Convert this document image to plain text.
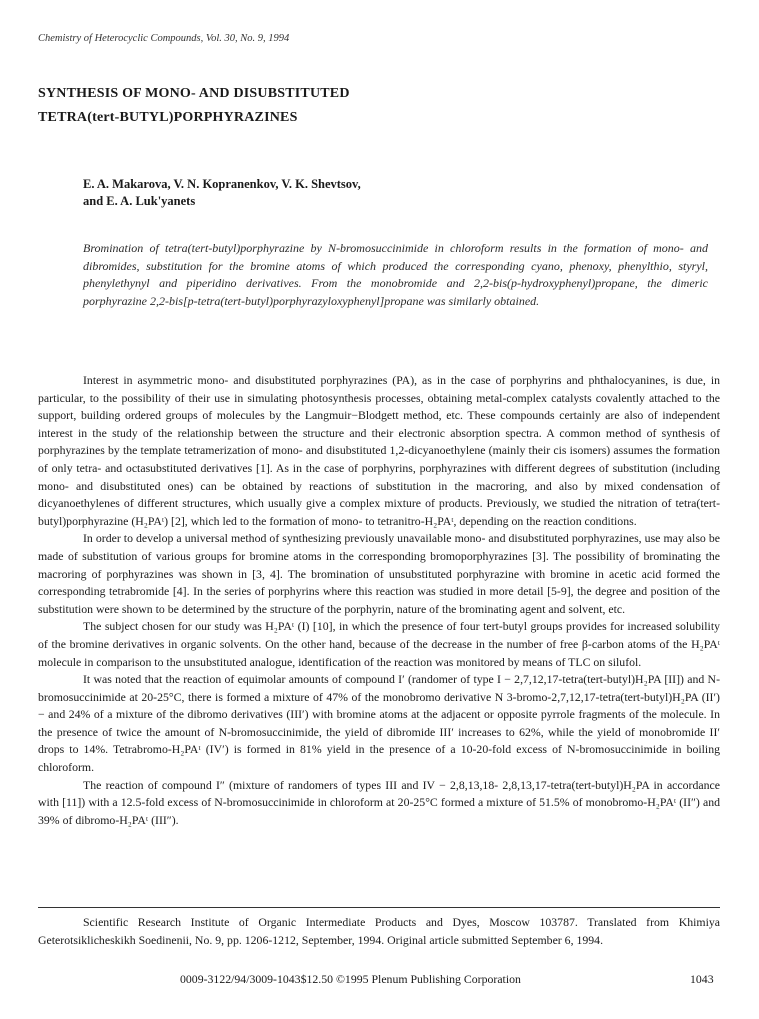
Chemistry of Heterocyclic Compounds, Vol. 30, No. 9, 1994
SYNTHESIS OF MONO- AND DISUBSTITUTED
TETRA(tert-BUTYL)PORPHYRAZINES
E. A. Makarova, V. N. Kopranenkov, V. K. Shevtsov,
and E. A. Luk'yanets

Bromination of tetra(tert-butyl)porphyrazine by N-bromosuccinimide in chloroform results in the formation of mono- and dibromides, substitution for the bromine atoms of which produced the corresponding cyano, phenoxy, phenylthio, styryl, phenylethynyl and piperidino derivatives. From the monobromide and 2,2-bis(p-hydroxyphenyl)propane, the dimeric porphyrazine 2,2-bis[p-tetra(tert-butyl)porphyrazyloxyphenyl]propane was similarly obtained.

Interest in asymmetric mono- and disubstituted porphyrazines (PA), as in the case of porphyrins and phthalocyanines, is due, in particular, to the possibility of their use in simulating photosynthesis processes, obtaining metal-complex catalysts covalently attached to the support, building ordered groups of molecules by the Langmuir−Blodgett method, etc. These compounds certainly are also of independent interest in the study of the relationship between the structure and their electronic absorption spectra. A common method of synthesis of porphyrazines by the template tetramerization of mono- and disubstituted 1,2-dicyanoethylene (mainly their cis isomers) assumes the formation of only tetra- and octasubstituted derivatives [1]. As in the case of porphyrins, porphyrazines with different degrees of substitution (including mono- and disubstituted ones) can be obtained by reactions of substitution in the macroring, and also by mixed condensation of dicyanoethylenes of different structures, which usually give a complex mixture of products. Previously, we studied the nitration of tetra(tert-butyl)porphyrazine (H₂PAᵗ) [2], which led to the formation of mono- to tetranitro-H₂PAᵗ, depending on the reaction conditions.

In order to develop a universal method of synthesizing previously unavailable mono- and disubstituted porphyrazines, use may also be made of substitution of various groups for bromine atoms in the corresponding bromoporphyrazines [3]. The possibility of brominating the macroring of porphyrazines was shown in [3, 4]. The bromination of unsubstituted porphyrazine with bromine in acetic acid formed the corresponding tetrabromide [4]. In the series of porphyrins where this reaction was studied in more detail [5-9], the degree and position of the substitution were shown to be determined by the structure of the porphyrin, nature of the brominating agent and solvent, etc.

The subject chosen for our study was H₂PAᵗ (I) [10], in which the presence of four tert-butyl groups provides for increased solubility of the bromine derivatives in organic solvents. On the other hand, because of the decrease in the number of free β-carbon atoms of the H₂PAᵗ molecule in comparison to the unsubstituted analogue, identification of the reaction was monitored by means of TLC on silufol.

It was noted that the reaction of equimolar amounts of compound I′ (randomer of type I − 2,7,12,17-tetra(tert-butyl)H₂PA [II]) and N-bromosuccinimide at 20-25°C, there is formed a mixture of 47% of the monobromo derivative N 3-bromo-2,7,12,17-tetra(tert-butyl)H₂PA (II′) − and 24% of a mixture of the dibromo derivatives (III′) with bromine atoms at the adjacent or opposite pyrrole fragments of the molecule. In the presence of twice the amount of N-bromosuccinimide, the yield of dibromide III′ increases to 62%, while the yield of monobromide II′ drops to 14%. Tetrabromo-H₂PAᵗ (IV′) is formed in 81% yield in the presence of a 10-20-fold excess of N-bromosuccinimide in boiling chloroform.

The reaction of compound I″ (mixture of randomers of types III and IV − 2,8,13,18- 2,8,13,17-tetra(tert-butyl)H₂PA in accordance with [11]) with a 12.5-fold excess of N-bromosuccinimide in chloroform at 20-25°C formed a mixture of 51.5% of monobromo-H₂PAᵗ (II″) and 39% of dibromo-H₂PAᵗ (III″).

Scientific Research Institute of Organic Intermediate Products and Dyes, Moscow 103787. Translated from Khimiya Geterotsiklicheskikh Soedinenii, No. 9, pp. 1206-1212, September, 1994. Original article submitted September 6, 1994.

0009-3122/94/3009-1043$12.50 ©1995 Plenum Publishing Corporation	1043
